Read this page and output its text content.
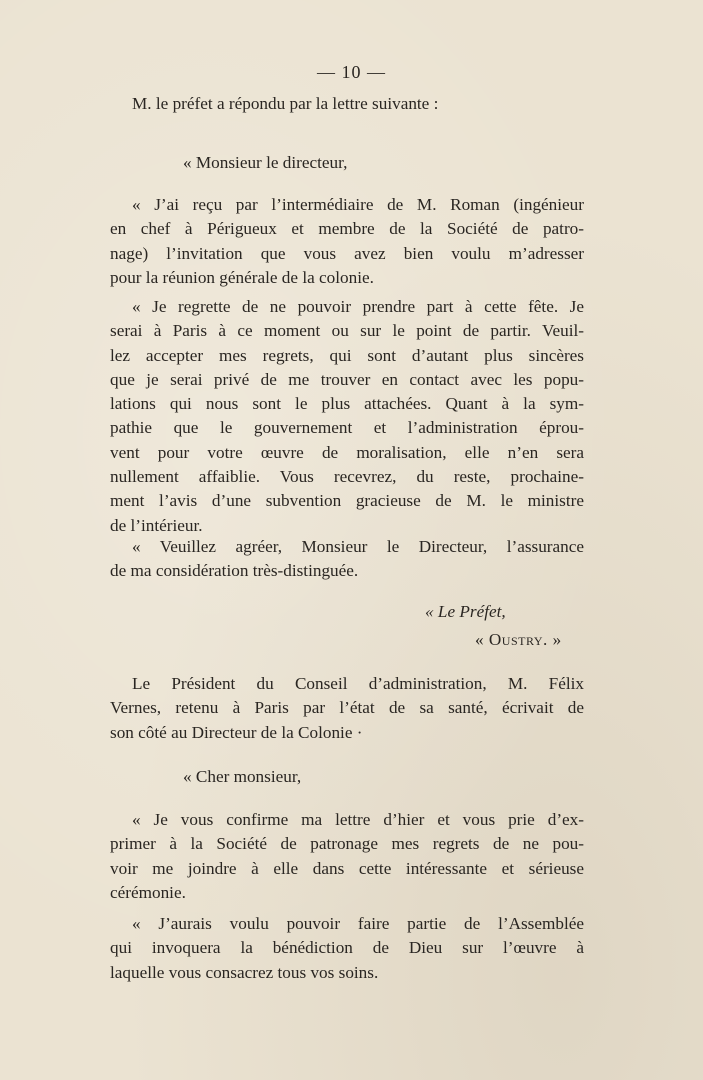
— 10 —
M. le préfet a répondu par la lettre suivante :
« Monsieur le directeur,
« J’ai reçu par l’intermédiaire de M. Roman (ingénieur
en chef à Périgueux et membre de la Société de patro-
nage) l’invitation que vous avez bien voulu m’adresser
pour la réunion générale de la colonie.
« Je regrette de ne pouvoir prendre part à cette fête. Je
serai à Paris à ce moment ou sur le point de partir. Veuil-
lez accepter mes regrets, qui sont d’autant plus sincères
que je serai privé de me trouver en contact avec les popu-
lations qui nous sont le plus attachées. Quant à la sym-
pathie que le gouvernement et l’administration éprou-
vent pour votre œuvre de moralisation, elle n’en sera
nullement affaiblie. Vous recevrez, du reste, prochaine-
ment l’avis d’une subvention gracieuse de M. le ministre
de l’intérieur.
« Veuillez agréer, Monsieur le Directeur, l’assurance
de ma considération très-distinguée.
« Le Préfet,
« Oustry. »
Le Président du Conseil d’administration, M. Félix
Vernes, retenu à Paris par l’état de sa santé, écrivait de
son côté au Directeur de la Colonie ·
« Cher monsieur,
« Je vous confirme ma lettre d’hier et vous prie d’ex-
primer à la Société de patronage mes regrets de ne pou-
voir me joindre à elle dans cette intéressante et sérieuse
cérémonie.
« J’aurais voulu pouvoir faire partie de l’Assemblée
qui invoquera la bénédiction de Dieu sur l’œuvre à
laquelle vous consacrez tous vos soins.
